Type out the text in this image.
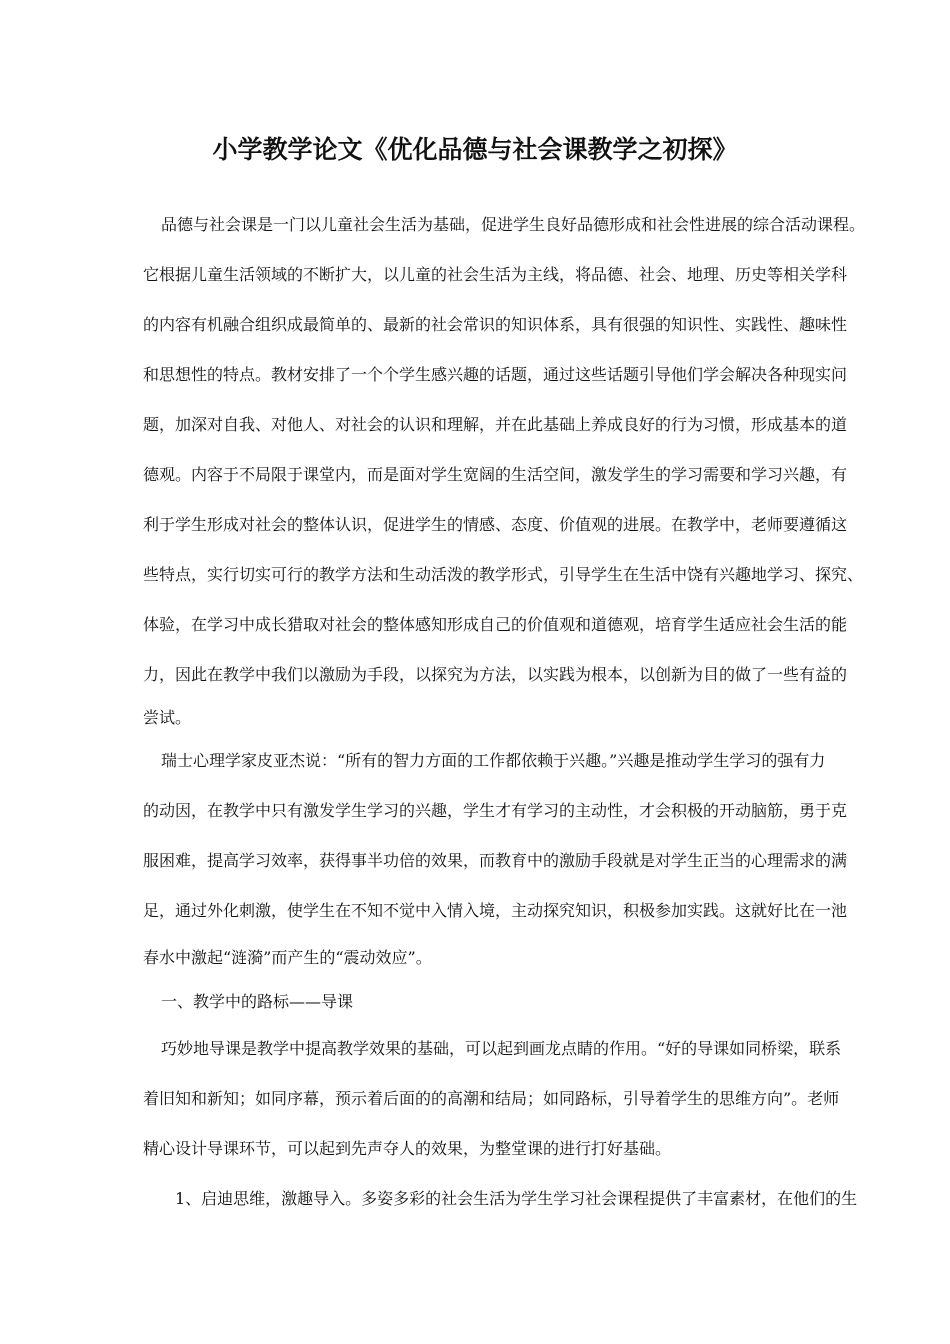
小学教学论文《优化品德与社会课教学之初探》
品德与社会课是一门以儿童社会生活为基础，促进学生良好品德形成和社会性进展的综合活动课程。
它根据儿童生活领域的不断扩大，以儿童的社会生活为主线，将品德、社会、地理、历史等相关学科
的内容有机融合组织成最简单的、最新的社会常识的知识体系，具有很强的知识性、实践性、趣味性
和思想性的特点。教材安排了一个个学生感兴趣的话题，通过这些话题引导他们学会解决各种现实问
题，加深对自我、对他人、对社会的认识和理解，并在此基础上养成良好的行为习惯，形成基本的道
德观。内容于不局限于课堂内，而是面对学生宽阔的生活空间，激发学生的学习需要和学习兴趣，有
利于学生形成对社会的整体认识，促进学生的情感、态度、价值观的进展。在教学中，老师要遵循这
些特点，实行切实可行的教学方法和生动活泼的教学形式，引导学生在生活中饶有兴趣地学习、探究、
体验，在学习中成长猎取对社会的整体感知形成自己的价值观和道德观，培育学生适应社会生活的能
力，因此在教学中我们以激励为手段，以探究为方法，以实践为根本，以创新为目的做了一些有益的
尝试。
瑞士心理学家皮亚杰说：“所有的智力方面的工作都依赖于兴趣。”兴趣是推动学生学习的强有力
的动因，在教学中只有激发学生学习的兴趣，学生才有学习的主动性，才会积极的开动脑筋，勇于克
服困难，提高学习效率，获得事半功倍的效果，而教育中的激励手段就是对学生正当的心理需求的满
足，通过外化刺激，使学生在不知不觉中入情入境，主动探究知识，积极参加实践。这就好比在一池
春水中激起“涟漪”而产生的“震动效应”。
一、教学中的路标——导课
巧妙地导课是教学中提高教学效果的基础，可以起到画龙点睛的作用。“好的导课如同桥梁，联系
着旧知和新知；如同序幕，预示着后面的的高潮和结局；如同路标，引导着学生的思维方向”。老师
精心设计导课环节，可以起到先声夺人的效果，为整堂课的进行打好基础。
1、启迪思维，激趣导入。多姿多彩的社会生活为学生学习社会课程提供了丰富素材，在他们的生
